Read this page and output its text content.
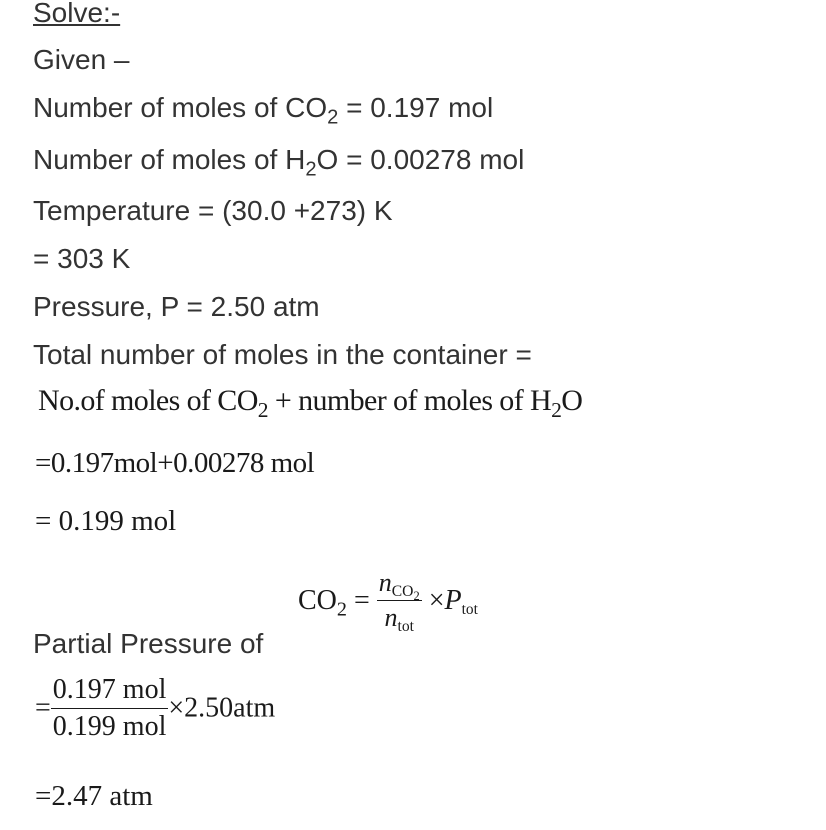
Solve:-
Given –
Number of moles of $CO_2 = 0.197$ mol
Number of moles of $H_2O = 0.00278$ mol
Temperature = (30.0 +273) K
= 303 K
Pressure, P = 2.50 atm
Total number of moles in the container =
No.of moles of $CO_2$ + number of moles of $H_2O$
=0.197mol+0.00278 mol
= 0.199 mol
$CO_2 = \frac{n_{CO_2}}{n_{tot}} \times P_{tot}$
Partial Pressure of
= $\frac{\text{0.197 mol}}{\text{0.199 mol}} \times 2.50atm$
=2.47 atm
